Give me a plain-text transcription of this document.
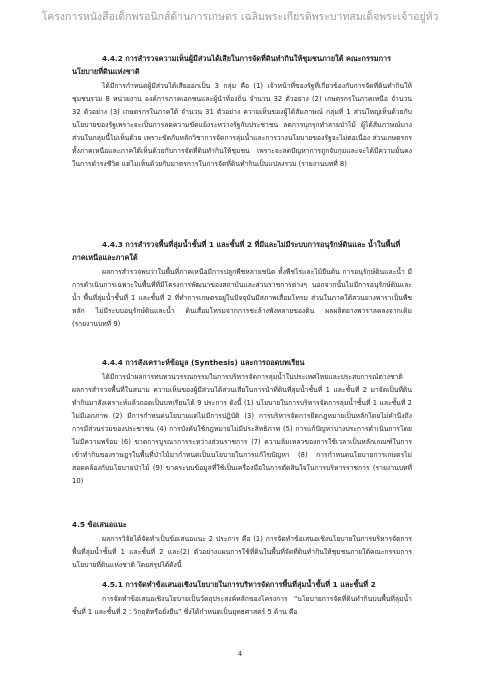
โครงการหนังสือเด็กพรอนิกส์ด้านการเกษตร เฉลิมพระเกียรติพระบาทสมเด็จพระเจ้าอยู่หัว
4.4.2 การสำรวจความเห็นผู้มีส่วนได้เสียในการจัดที่ดินทำกินให้ชุมชนภายใต้ คณะกรรมการนโยบายที่ดินแห่งชาติ
ได้มีการกำหนดผู้มีส่วนได้เสียออกเป็น 3 กลุ่ม คือ (1) เจ้าหน้าที่ของรัฐที่เกี่ยวข้องกับการจัดที่ดินทำกินให้ชุมชนรวม 8 หน่วยงาน องค์การภาคเอกชนและผู้นำท้องถิ่น จำนวน 32 ตัวอย่าง (2) เกษตรกรในภาคเหนือ จำนวน 32 ตัวอย่าง (3) เกษตรกรในภาคใต้ จำนวน 31 ตัวอย่าง ความเห็นของผู้ได้สัมภาษณ์ กลุ่มที่ 1 ส่วนใหญ่เห็นด้วยกับนโยบายของรัฐเพราะจะเป็นการลดความขัดแย้งระหว่างรัฐกับประชาชน ลดการบุกรุกทำลายป่าไม้ ผู้ได้สัมภาษณ์บางส่วนในกลุ่มนี้ไม่เห็นด้วย เพราะขัดกับหลักวิชาการจัดการลุ่มน้ำและการวางนโยบายของรัฐจะไม่ต่อเนื่อง ส่วนเกษตรกรทั้งภาคเหนือและภาคใต้เห็นด้วยกับการจัดที่ดินทำกินให้ชุมชน เพราะจะลดปัญหาการถูกจับกุมและจะได้มีความมั่นคงในการดำรงชีวิต แต่ไม่เห็นด้วยกับมาตรการในการจัดที่ดินทำกินเป็นแปลงรวม (รายงานบทที่ 8)
4.4.3 การสำรวจพื้นที่ลุ่มน้ำชั้นที่ 1 และชั้นที่ 2 ที่มีและไม่มีระบบการอนุรักษ์ดินและ น้ำในพื้นที่ภาคเหนือและภาคใต้
ผลการสำรวจพบว่าในพื้นที่ภาคเหนือมีการปลูกพืชหลายชนิด ทั้งพืชไร่และไม้ยืนต้น การอนุรักษ์ดินและน้ำ มีการดำเนินการเฉพาะในพื้นที่ที่มีโครงการพัฒนาของสถาบันและส่วนราชการต่างๆ นอกจากนั้นไม่มีการอนุรักษ์ดินและน้ำ พื้นที่ลุ่มน้ำชั้นที่ 1 และชั้นที่ 2 ที่ทำการเกษตรอยู่ในปัจจุบันมีสภาพเสื่อมโทรม ส่วนในภาคใต้สวนยางพาราเป็นพืชหลัก ไม่มีระบบอนุรักษ์ดินและน้ำ ดินเสื่อมโทรมจากการชะล้างพังทลายของดิน ผลผลิตยางพาราลดลงจากเดิม (รายงานบทที่ 9)
4.4.4 การสังเคราะห์ข้อมูล (Synthesis) และการถอดบทเรียน
ได้มีการนำผลการทบทวนวรรณกรรมในการบริหารจัดการลุ่มน้ำในประเทศไทยและประสบการณ์ต่างชาติ ผลการสำรวจพื้นที่ในสนาม ความเห็นของผู้มีส่วนได้ส่วนเสียในการนำที่ดินที่ลุ่มน้ำชั้นที่ 1 และชั้นที่ 2 มาจัดเป็นที่ดินทำกินมาสังเคราะห์แล้วถอดเป็นบทเรียนได้ 9 ประการ ดังนี้ (1) นโยบายในการบริหารจัดการลุ่มน้ำชั้นที่ 1 และชั้นที่ 2 ไม่มีเอกภาพ (2) มีการกำหนดนโยบายแต่ไม่มีการปฏิบัติ (3) การบริหารจัดการยึดกฎหมายเป็นหลักโดยไม่คำนึงถึงการมีส่วนร่วมของประชาชน (4) การบังคับใช้กฎหมายไม่มีประสิทธิภาพ (5) การแก้ปัญหาบางประการดำเนินการโดยไม่มีความพร้อม (6) ขาดการบูรณาการระหว่างส่วนราชการ (7) ความล้มเหลวของการใช้เวลาเป็นหลักเกณฑ์ในการเข้าทำกินของราษฎรในพื้นที่ป่าไม้มากำหนดเป็นนโยบายในการแก้ไขปัญหา (8) การกำหนดนโยบายการเกษตรไม่สอดคล้องกับนโยบายป่าไม้ (9) ขาดระบบข้อมูลที่ใช้เป็นเครื่องมือในการตัดสินใจในการบริหารราชการ (รายงานบทที่ 10)
4.5 ข้อเสนอแนะ
ผลการวิจัยได้จัดทำเป็นข้อเสนอแนะ 2 ประการ คือ (1) การจัดทำข้อเสนอเชิงนโยบายในการบริหารจัดการพื้นที่ลุ่มน้ำชั้นที่ 1 และชั้นที่ 2 และ(2) ตัวอย่างแผนการใช้ที่ดินในพื้นที่จัดที่ดินทำกินให้ชุมชนภายใต้คณะกรรมการนโยบายที่ดินแห่งชาติ โดยสรุปได้ดังนี้
4.5.1 การจัดทำข้อเสนอเชิงนโยบายในการบริหารจัดการพื้นที่ลุ่มน้ำชั้นที่ 1 และชั้นที่ 2
การจัดทำข้อเสนอเชิงนโยบายเป็นวัตถุประสงค์หลักของโครงการ “นโยบายการจัดที่ดินทำกินบนพื้นที่ลุ่มน้ำชั้นที่ 1 และชั้นที่ 2 : วิกฤติหรือยั่งยืน” ซึ่งได้กำหนดเป็นยุทธศาสตร์ 5 ด้าน คือ
4
